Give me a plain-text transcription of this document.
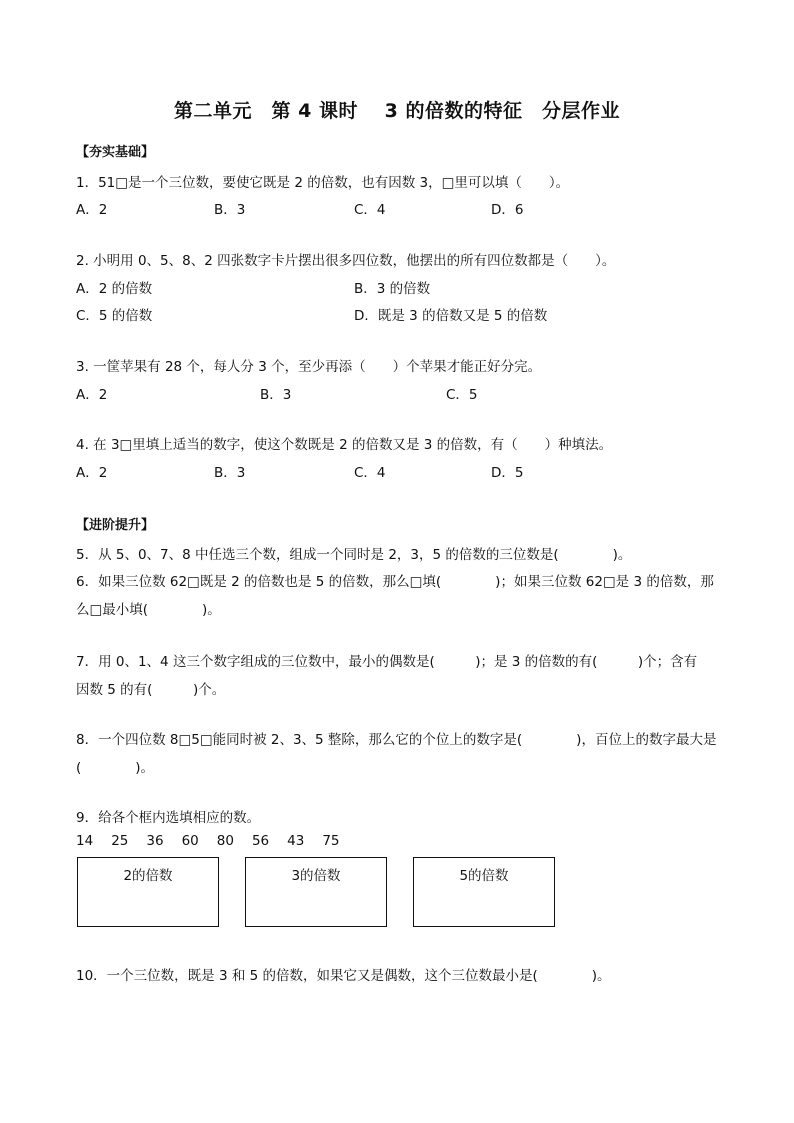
第二单元　第 4 课时　 3 的倍数的特征　分层作业
【夯实基础】
1．51□是一个三位数，要使它既是 2 的倍数，也有因数 3，□里可以填（　　）。
A．2	B．3	C．4	D．6
2. 小明用 0、5、8、2 四张数字卡片摆出很多四位数，他摆出的所有四位数都是（　　）。
A．2 的倍数	B．3 的倍数
C．5 的倍数	D．既是 3 的倍数又是 5 的倍数
3. 一筐苹果有 28 个，每人分 3 个，至少再添（　　）个苹果才能正好分完。
A．2	B．3	C．5
4. 在 3□里填上适当的数字，使这个数既是 2 的倍数又是 3 的倍数，有（　　）种填法。
A．2	B．3	C．4	D．5
【进阶提升】
5．从 5、0、7、8 中任选三个数，组成一个同时是 2，3，5 的倍数的三位数是(　　　　)。
6．如果三位数 62□既是 2 的倍数也是 5 的倍数，那么□填(　　　　)；如果三位数 62□是 3 的倍数，那
么□最小填(　　　　)。
7．用 0、1、4 这三个数字组成的三位数中，最小的偶数是(　　　)；是 3 的倍数的有(　　　)个；含有
因数 5 的有(　　　)个。
8．一个四位数 8□5□能同时被 2、3、5 整除，那么它的个位上的数字是(　　　　)，百位上的数字最大是
(　　　　)。
9．给各个框内选填相应的数。
14 25 36 60 80 56 43 75
2的倍数	3的倍数	5的倍数
10．一个三位数，既是 3 和 5 的倍数，如果它又是偶数，这个三位数最小是(　　　　)。
